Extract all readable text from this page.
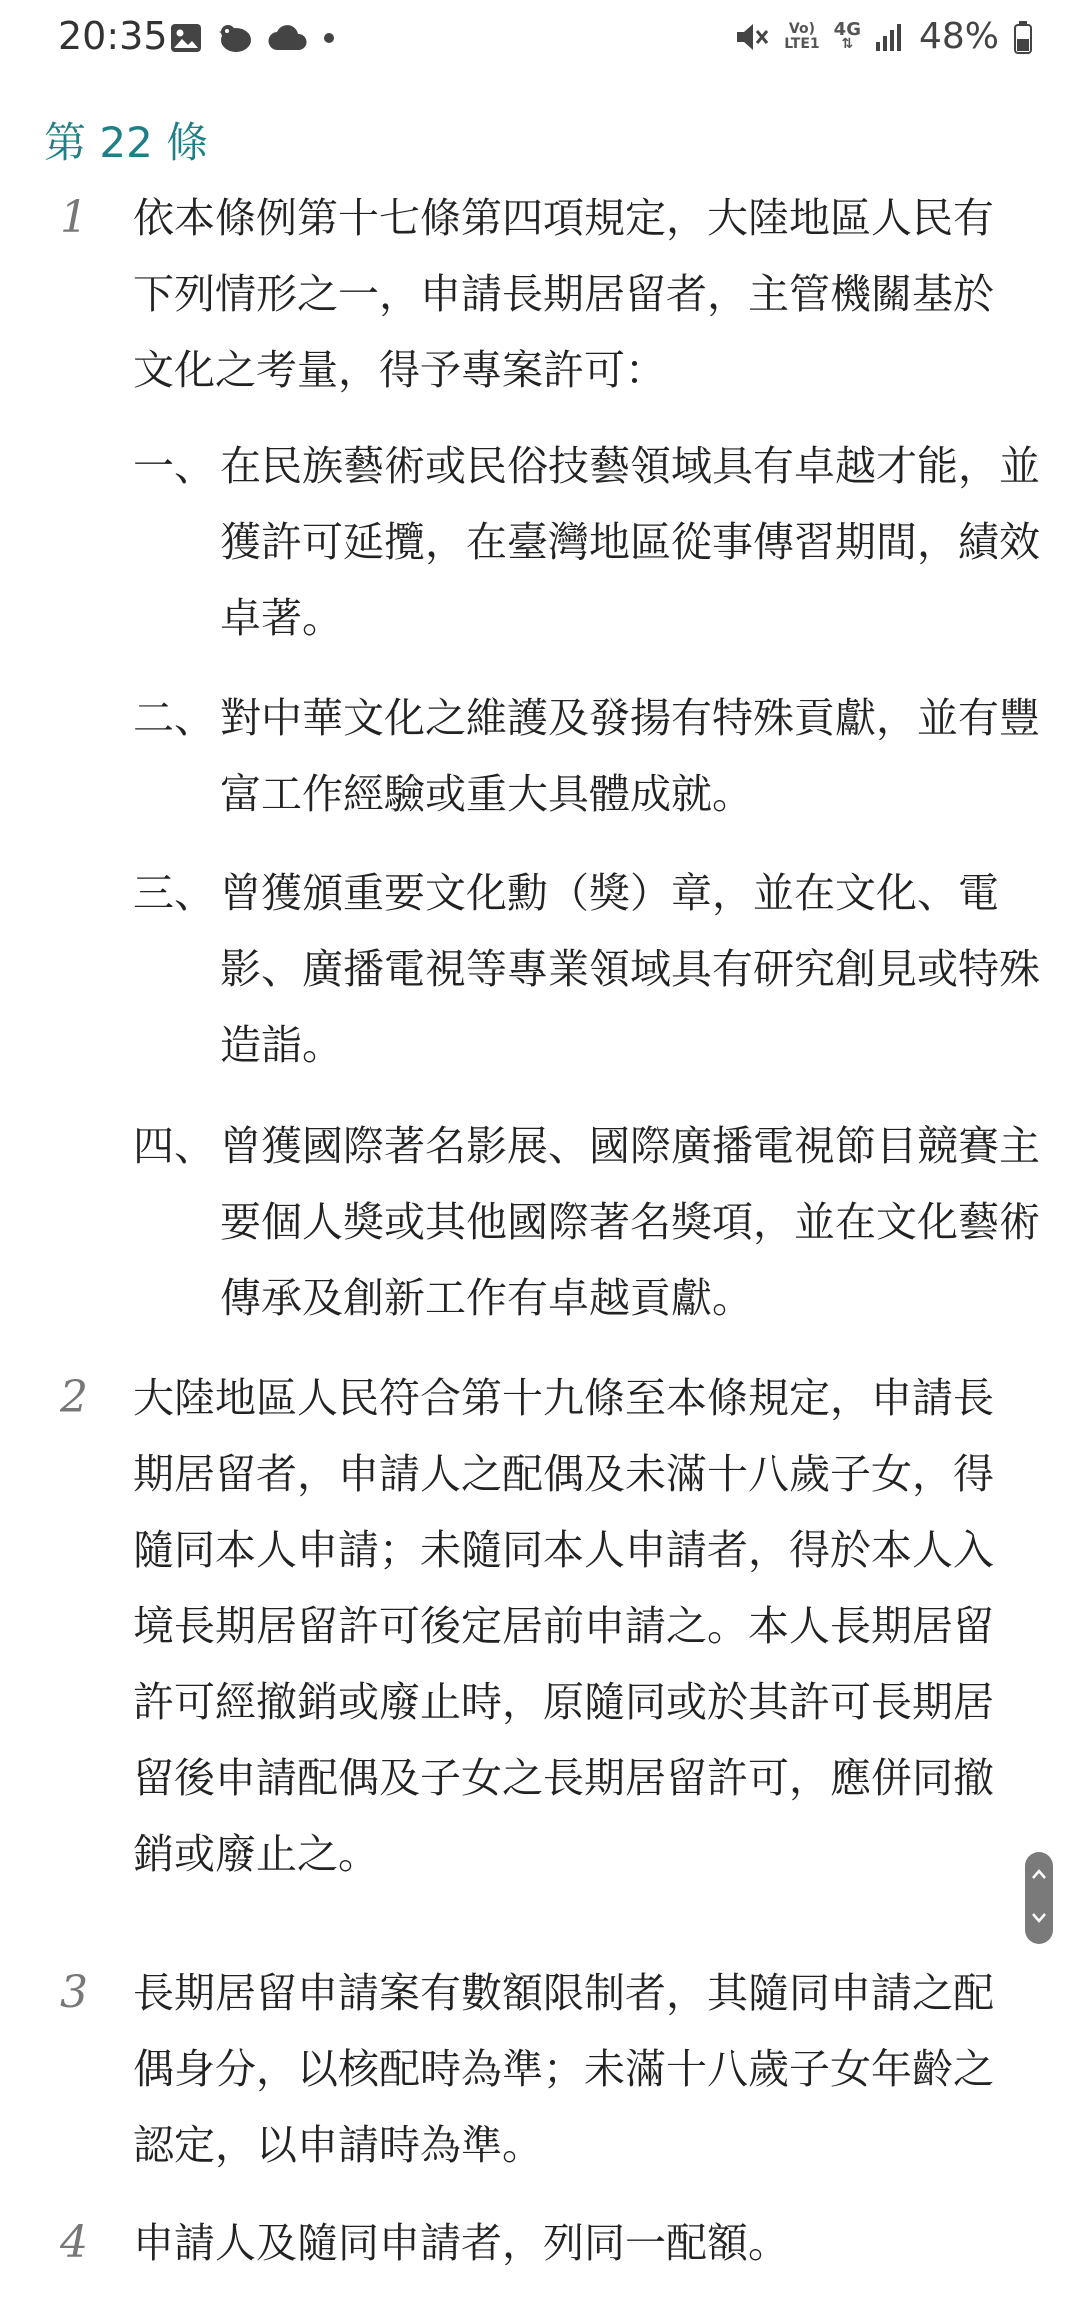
20:35	Vo)
LTE1
4G
⇅ 48%
第 22 條
1 依本條例第十七條第四項規定，大陸地區人民有下列情形之一，申請長期居留者，主管機關基於文化之考量，得予專案許可：
一、 在民族藝術或民俗技藝領域具有卓越才能，並獲許可延攬，在臺灣地區從事傳習期間，績效卓著。
二、 對中華文化之維護及發揚有特殊貢獻，並有豐富工作經驗或重大具體成就。
三、 曾獲頒重要文化勳（獎）章，並在文化、電影、廣播電視等專業領域具有研究創見或特殊造詣。
四、 曾獲國際著名影展、國際廣播電視節目競賽主要個人獎或其他國際著名獎項，並在文化藝術傳承及創新工作有卓越貢獻。
2 大陸地區人民符合第十九條至本條規定，申請長期居留者，申請人之配偶及未滿十八歲子女，得隨同本人申請；未隨同本人申請者，得於本人入境長期居留許可後定居前申請之。本人長期居留許可經撤銷或廢止時，原隨同或於其許可長期居留後申請配偶及子女之長期居留許可，應併同撤銷或廢止之。
3 長期居留申請案有數額限制者，其隨同申請之配偶身分，以核配時為準；未滿十八歲子女年齡之認定，以申請時為準。
4 申請人及隨同申請者，列同一配額。
